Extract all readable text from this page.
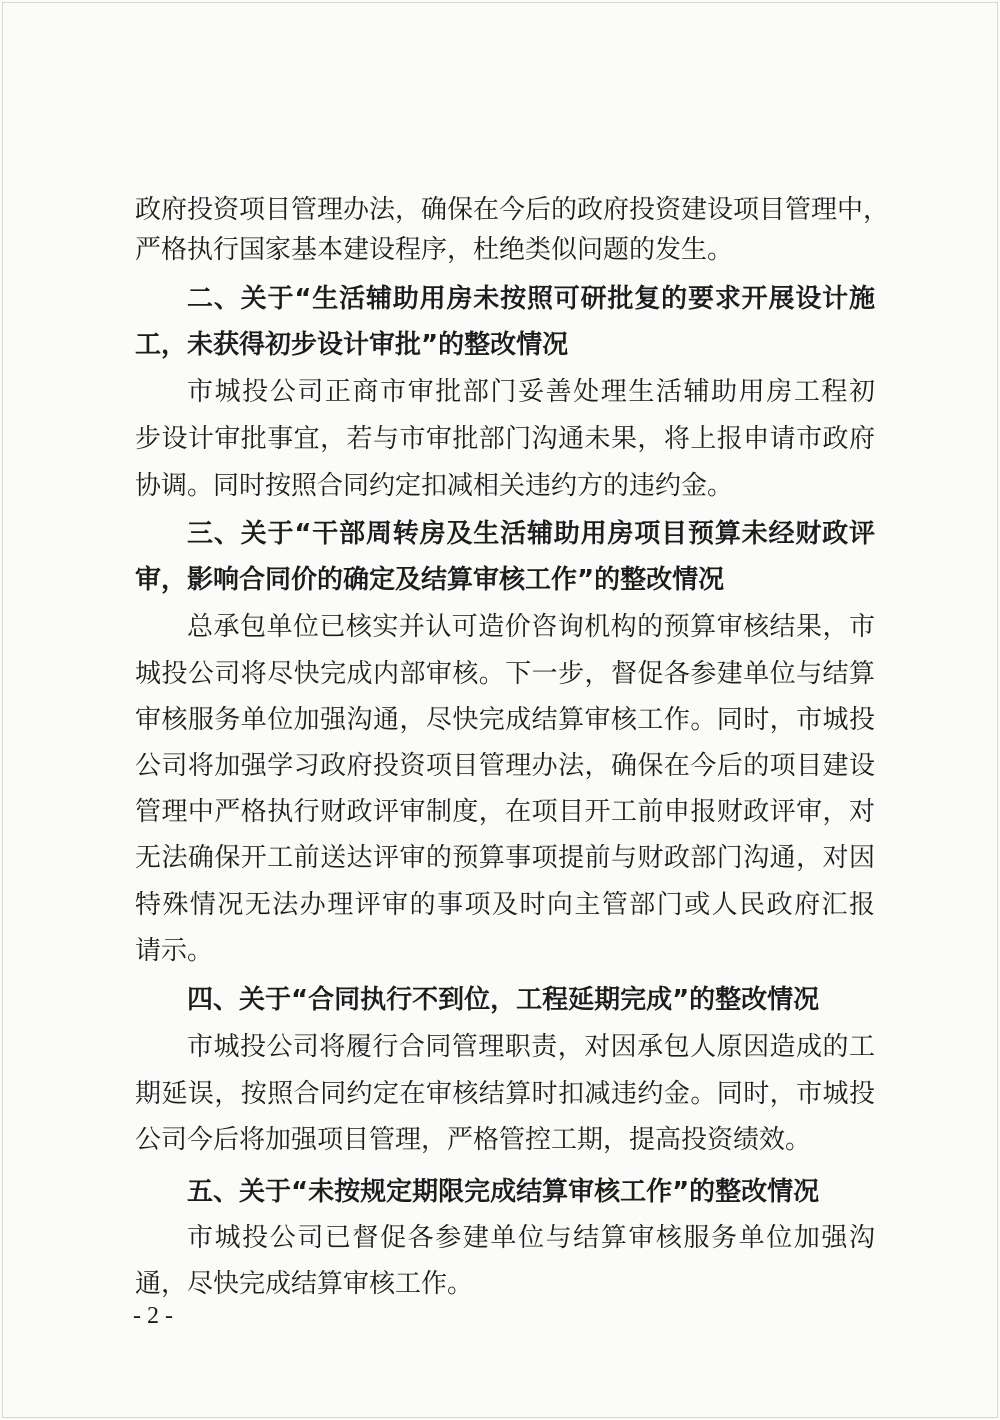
政府投资项目管理办法，确保在今后的政府投资建设项目管理中，
严格执行国家基本建设程序，杜绝类似问题的发生。
二、关于“生活辅助用房未按照可研批复的要求开展设计施
工，未获得初步设计审批”的整改情况
市城投公司正商市审批部门妥善处理生活辅助用房工程初
步设计审批事宜，若与市审批部门沟通未果，将上报申请市政府
协调。同时按照合同约定扣减相关违约方的违约金。
三、关于“干部周转房及生活辅助用房项目预算未经财政评
审，影响合同价的确定及结算审核工作”的整改情况
总承包单位已核实并认可造价咨询机构的预算审核结果，市
城投公司将尽快完成内部审核。下一步，督促各参建单位与结算
审核服务单位加强沟通，尽快完成结算审核工作。同时，市城投
公司将加强学习政府投资项目管理办法，确保在今后的项目建设
管理中严格执行财政评审制度，在项目开工前申报财政评审，对
无法确保开工前送达评审的预算事项提前与财政部门沟通，对因
特殊情况无法办理评审的事项及时向主管部门或人民政府汇报
请示。
四、关于“合同执行不到位，工程延期完成”的整改情况
市城投公司将履行合同管理职责，对因承包人原因造成的工
期延误，按照合同约定在审核结算时扣减违约金。同时，市城投
公司今后将加强项目管理，严格管控工期，提高投资绩效。
五、关于“未按规定期限完成结算审核工作”的整改情况
市城投公司已督促各参建单位与结算审核服务单位加强沟
通，尽快完成结算审核工作。
- 2 -
